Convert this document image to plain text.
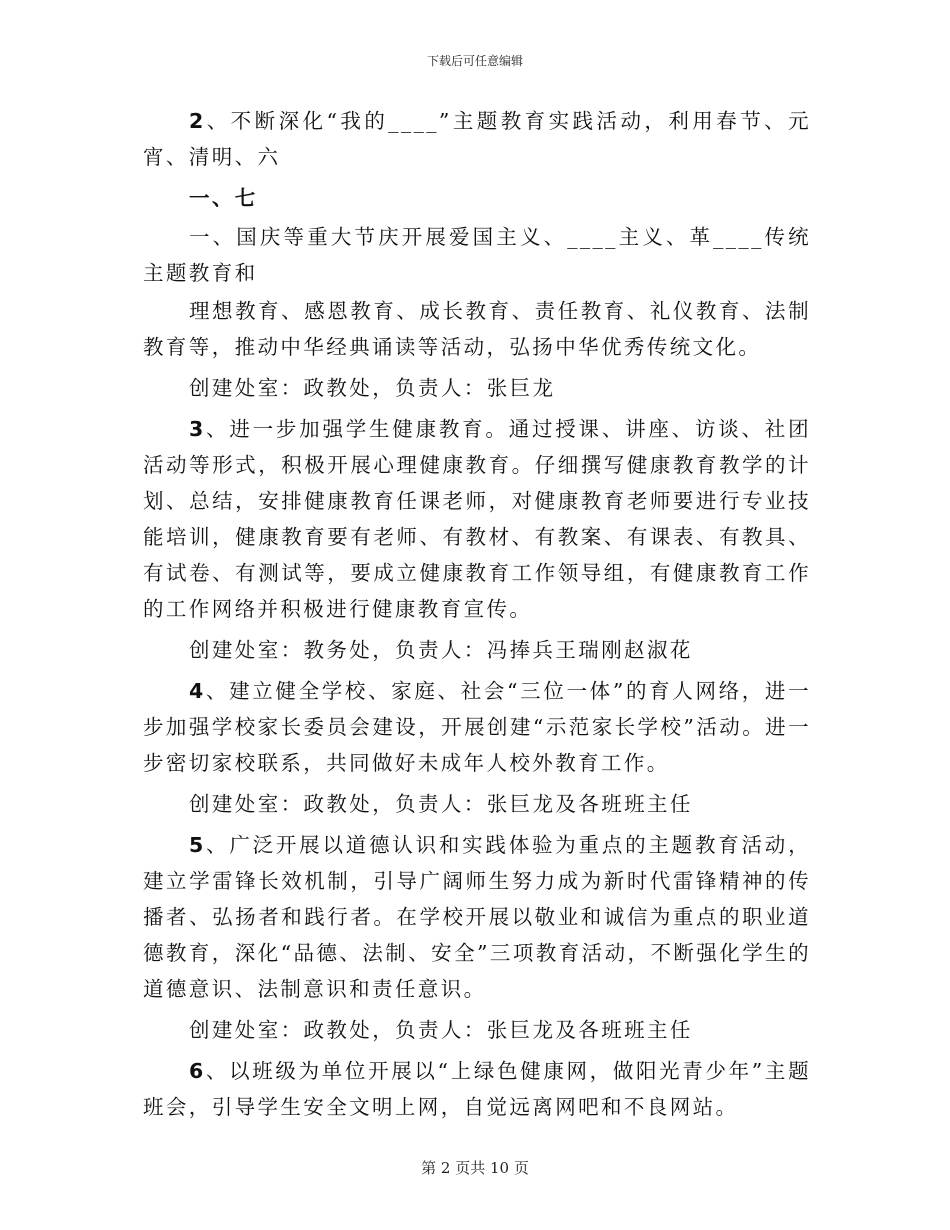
下载后可任意编辑

2、不断深化“我的____”主题教育实践活动，利用春节、元宵、清明、六

一、七

一、国庆等重大节庆开展爱国主义、____主义、革____传统主题教育和

理想教育、感恩教育、成长教育、责任教育、礼仪教育、法制教育等，推动中华经典诵读等活动，弘扬中华优秀传统文化。

创建处室：政教处，负责人：张巨龙

3、进一步加强学生健康教育。通过授课、讲座、访谈、社团活动等形式，积极开展心理健康教育。仔细撰写健康教育教学的计划、总结，安排健康教育任课老师，对健康教育老师要进行专业技能培训，健康教育要有老师、有教材、有教案、有课表、有教具、有试卷、有测试等，要成立健康教育工作领导组，有健康教育工作的工作网络并积极进行健康教育宣传。

创建处室：教务处，负责人：冯捧兵王瑞刚赵淑花

4、建立健全学校、家庭、社会“三位一体”的育人网络，进一步加强学校家长委员会建设，开展创建“示范家长学校”活动。进一步密切家校联系，共同做好未成年人校外教育工作。

创建处室：政教处，负责人：张巨龙及各班班主任

5、广泛开展以道德认识和实践体验为重点的主题教育活动，建立学雷锋长效机制，引导广阔师生努力成为新时代雷锋精神的传播者、弘扬者和践行者。在学校开展以敬业和诚信为重点的职业道德教育，深化“品德、法制、安全”三项教育活动，不断强化学生的道德意识、法制意识和责任意识。

创建处室：政教处，负责人：张巨龙及各班班主任

6、以班级为单位开展以“上绿色健康网，做阳光青少年”主题班会，引导学生安全文明上网，自觉远离网吧和不良网站。

第 2 页共 10 页
